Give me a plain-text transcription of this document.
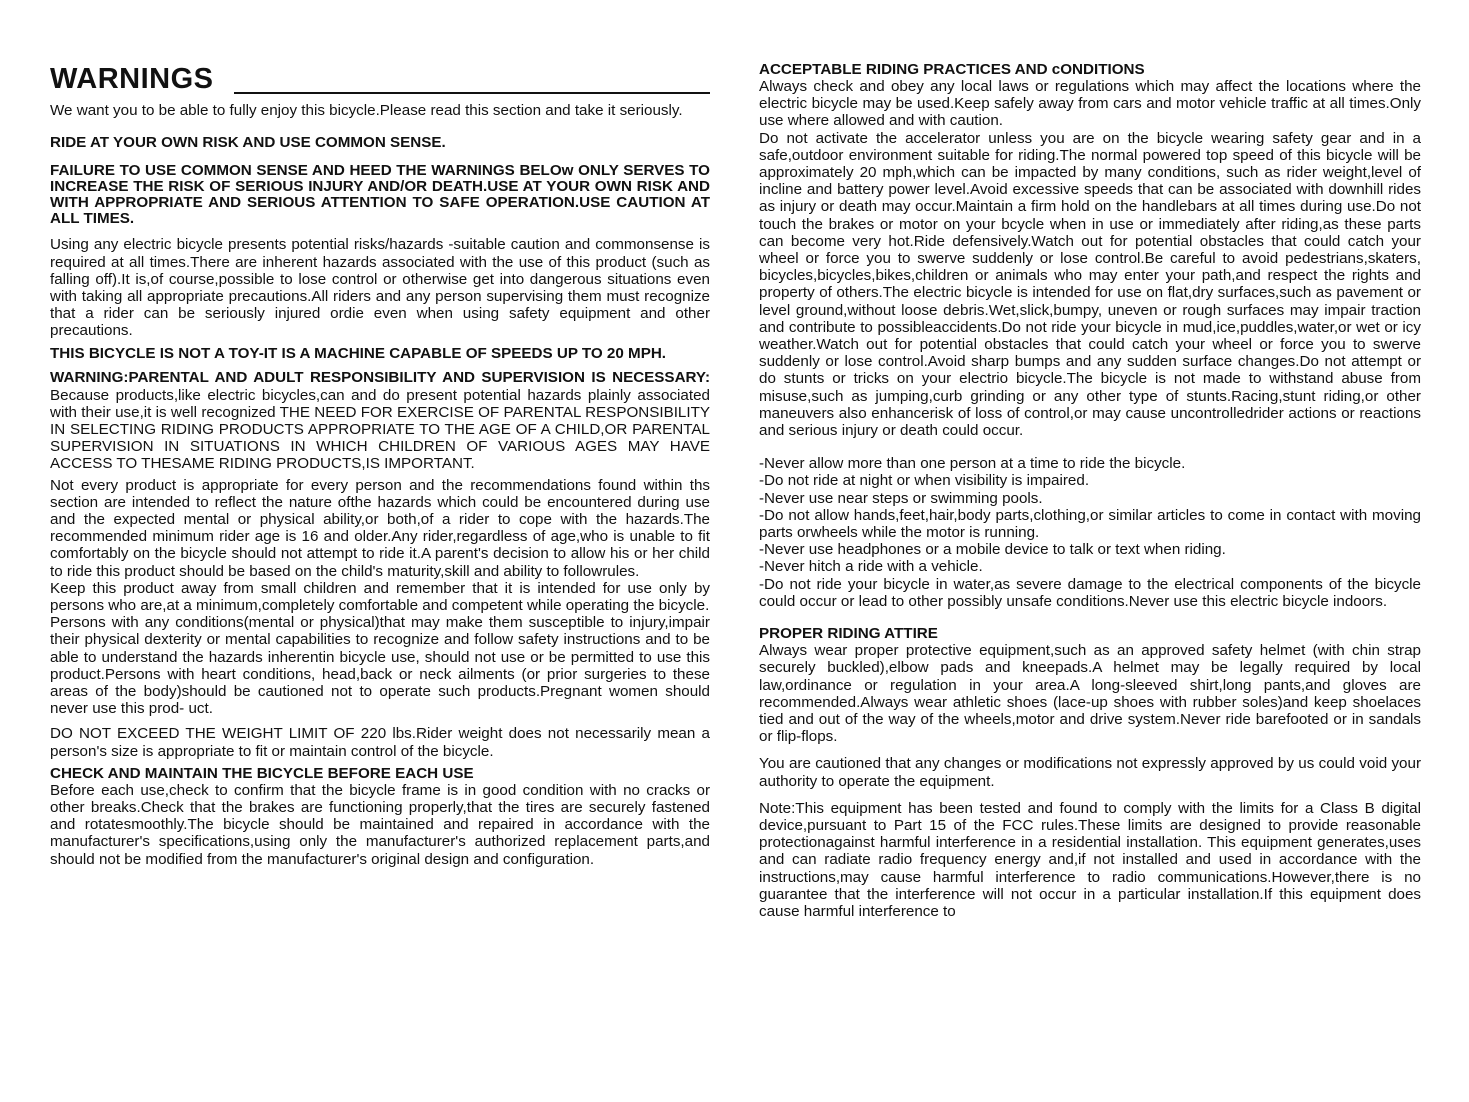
WARNINGS

We want you to be able to fully enjoy this bicycle.Please read this section and take it seriously.

RIDE AT YOUR OWN RISK AND USE COMMON SENSE.

FAILURE TO USE COMMON SENSE AND HEED THE WARNINGS BELOw ONLY SERVES TO INCREASE THE RISK OF SERIOUS INJURY AND/OR DEATH.USE AT YOUR OWN RISK AND WITH APPROPRIATE AND SERIOUS ATTENTION TO SAFE OPERATION.USE CAUTION AT ALL TIMES.

Using any electric bicycle presents potential risks/hazards -suitable caution and commonsense is required at all times.There are inherent hazards associated with the use of this product (such as falling off).It is,of course,possible to lose control or otherwise get into dangerous situations even with taking all appropriate precautions.All riders and any person supervising them must recognize that a rider can be seriously injured ordie even when using safety equipment and other precautions.

THIS BICYCLE IS NOT A TOY-IT IS A MACHINE CAPABLE OF SPEEDS UP TO 20 MPH.

WARNING:PARENTAL AND ADULT RESPONSIBILITY AND SUPERVISION IS NECESSARY: Because products,like electric bicycles,can and do present potential hazards plainly associated with their use,it is well recognized THE NEED FOR EXERCISE OF PARENTAL RESPONSIBILITY IN SELECTING RIDING PRODUCTS APPROPRIATE TO THE AGE OF A CHILD,OR PARENTAL SUPERVISION IN SITUATIONS IN WHICH CHILDREN OF VARIOUS AGES MAY HAVE ACCESS TO THESAME RIDING PRODUCTS,IS IMPORTANT.

Not every product is appropriate for every person and the recommendations found within ths section are intended to reflect the nature ofthe hazards which could be encountered during use and the expected mental or physical ability,or both,of a rider to cope with the hazards.The recommended minimum rider age is 16 and older.Any rider,regardless of age,who is unable to fit comfortably on the bicycle should not attempt to ride it.A parent's decision to allow his or her child to ride this product should be based on the child's maturity,skill and ability to followrules.

Keep this product away from small children and remember that it is intended for use only by persons who are,at a minimum,completely comfortable and competent while operating the bicycle.

Persons with any conditions(mental or physical)that may make them susceptible to injury,impair their physical dexterity or mental capabilities to recognize and follow safety instructions and to be able to understand the hazards inherentin bicycle use, should not use or be permitted to use this product.Persons with heart conditions, head,back or neck ailments (or prior surgeries to these areas of the body)should be cautioned not to operate such products.Pregnant women should never use this prod- uct.

DO NOT EXCEED THE WEIGHT LIMIT OF 220 lbs.Rider weight does not necessarily mean a person's size is appropriate to fit or maintain control of the bicycle.

CHECK AND MAINTAIN THE BICYCLE BEFORE EACH USE

Before each use,check to confirm that the bicycle frame is in good condition with no cracks or other breaks.Check that the brakes are functioning properly,that the tires are securely fastened and rotatesmoothly.The bicycle should be maintained and repaired in accordance with the manufacturer's specifications,using only the manufacturer's authorized replacement parts,and should not be modified from the manufacturer's original design and configuration.

ACCEPTABLE RIDING PRACTICES AND cONDITIONS

Always check and obey any local laws or regulations which may affect the locations where the electric bicycle may be used.Keep safely away from cars and motor vehicle traffic at all times.Only use where allowed and with caution.

Do not activate the accelerator unless you are on the bicycle wearing safety gear and in a safe,outdoor environment suitable for riding.The normal powered top speed of this bicycle will be approximately 20 mph,which can be impacted by many conditions, such as rider weight,level of incline and battery power level.Avoid excessive speeds that can be associated with downhill rides as injury or death may occur.Maintain a firm hold on the handlebars at all times during use.Do not touch the brakes or motor on your bcycle when in use or immediately after riding,as these parts can become very hot.Ride defensively.Watch out for potential obstacles that could catch your wheel or force you to swerve suddenly or lose control.Be careful to avoid pedestrians,skaters, bicycles,bicycles,bikes,children or animals who may enter your path,and respect the rights and property of others.The electric bicycle is intended for use on flat,dry surfaces,such as pavement or level ground,without loose debris.Wet,slick,bumpy, uneven or rough surfaces may impair traction and contribute to possibleaccidents.Do not ride your bicycle in mud,ice,puddles,water,or wet or icy weather.Watch out for potential obstacles that could catch your wheel or force you to swerve suddenly or lose control.Avoid sharp bumps and any sudden surface changes.Do not attempt or do stunts or tricks on your electrio bicycle.The bicycle is not made to withstand abuse from misuse,such as jumping,curb grinding or any other type of stunts.Racing,stunt riding,or other maneuvers also enhancerisk of loss of control,or may cause uncontrolledrider actions or reactions and serious injury or death could occur.

-Never allow more than one person at a time to ride the bicycle.

-Do not ride at night or when visibility is impaired.

-Never use near steps or swimming pools.

-Do not allow hands,feet,hair,body parts,clothing,or similar articles to come in contact with moving parts orwheels while the motor is running.

-Never use headphones or a mobile device to talk or text when riding.

-Never hitch a ride with a vehicle.

-Do not ride your bicycle in water,as severe damage to the electrical components of the bicycle could occur or lead to other possibly unsafe conditions.Never use this electric bicycle indoors.

PROPER RIDING ATTIRE

Always wear proper protective equipment,such as an approved safety helmet (with chin strap securely buckled),elbow pads and kneepads.A helmet may be legally required by local law,ordinance or regulation in your area.A long-sleeved shirt,long pants,and gloves are recommended.Always wear athletic shoes (lace-up shoes with rubber soles)and keep shoelaces tied and out of the way of the wheels,motor and drive system.Never ride barefooted or in sandals or flip-flops.

You are cautioned that any changes or modifications not expressly approved by us could void your authority to operate the equipment.

Note:This equipment has been tested and found to comply with the limits for a Class B digital device,pursuant to Part 15 of the FCC rules.These limits are designed to provide reasonable protectionagainst harmful interference in a residential installation. This equipment generates,uses and can radiate radio frequency energy and,if not installed and used in accordance with the instructions,may cause harmful interference to radio communications.However,there is no guarantee that the interference will not occur in a particular installation.If this equipment does cause harmful interference to
